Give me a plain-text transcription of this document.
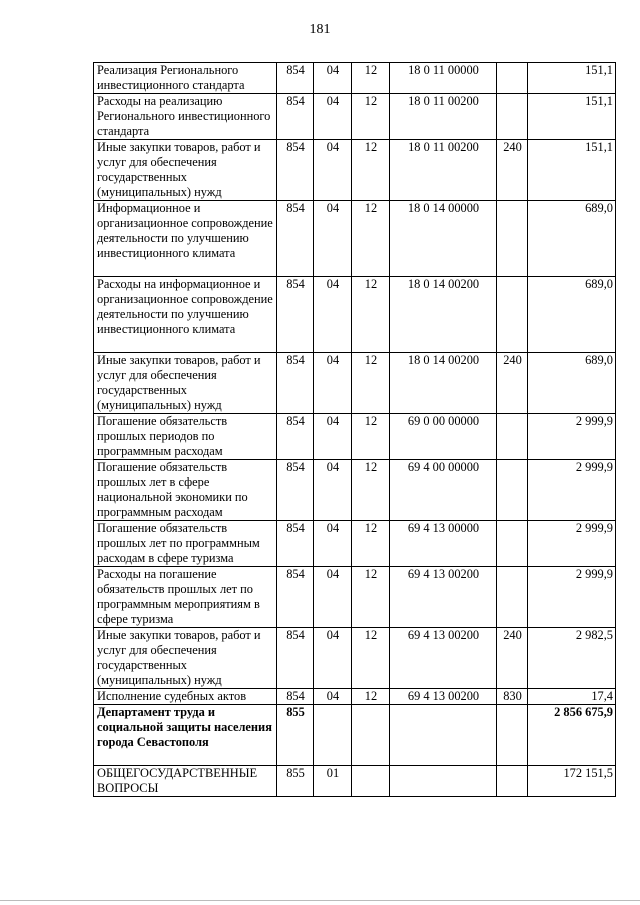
181
Реализация Регионального инвестиционного стандарта	854	04	12	18 0 11 00000		151,1
Расходы на реализацию Регионального инвестиционного стандарта	854	04	12	18 0 11 00200		151,1
Иные закупки товаров, работ и услуг для обеспечения государственных (муниципальных) нужд	854	04	12	18 0 11 00200	240	151,1
Информационное и организационное сопровождение деятельности по улучшению инвестиционного климата	854	04	12	18 0 14 00000		689,0
Расходы на информационное и организационное сопровождение деятельности по улучшению инвестиционного климата	854	04	12	18 0 14 00200		689,0
Иные закупки товаров, работ и услуг для обеспечения государственных (муниципальных) нужд	854	04	12	18 0 14 00200	240	689,0
Погашение обязательств прошлых периодов по программным расходам	854	04	12	69 0 00 00000		2 999,9
Погашение обязательств прошлых лет в сфере национальной экономики по программным расходам	854	04	12	69 4 00 00000		2 999,9
Погашение обязательств прошлых лет по программным расходам в сфере туризма	854	04	12	69 4 13 00000		2 999,9
Расходы на погашение обязательств прошлых лет по программным мероприятиям в сфере туризма	854	04	12	69 4 13 00200		2 999,9
Иные закупки товаров, работ и услуг для обеспечения государственных (муниципальных) нужд	854	04	12	69 4 13 00200	240	2 982,5
Исполнение судебных актов	854	04	12	69 4 13 00200	830	17,4
Департамент труда и социальной защиты населения города Севастополя	855					2 856 675,9
ОБЩЕГОСУДАРСТВЕННЫЕ ВОПРОСЫ	855	01				172 151,5
